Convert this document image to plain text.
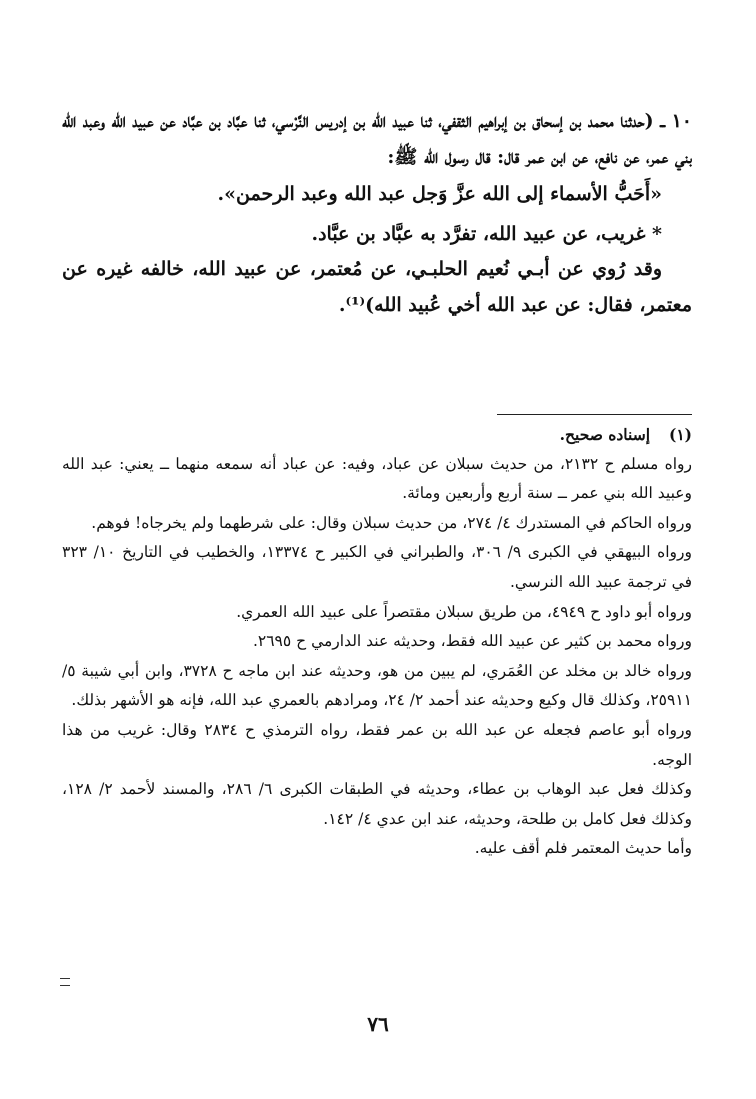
١٠ ــ (حدثنا محمد بن إسحاق بن إبراهيم الثقفي، ثنا عبيد الله بن إدريس النَّرْسي، ثنا عبَّاد بن عبَّاد عن عبيد الله وعبد الله بني عمر، عن نافع، عن ابن عمر قال: قال رسول الله ﷺ:

«أَحَبُّ الأسماء إلى الله عزَّ وَجل عبد الله وعبد الرحمن».

* غريب، عن عبيد الله، تفرَّد به عبَّاد بن عبَّاد.

وقد رُوي عن أبـي نُعيم الحلبـي، عن مُعتمر، عن عبيد الله، خالفه غيره عن معتمر، فقال: عن عبد الله أخي عُبيد الله)⁽¹⁾.

(١)إسناده صحيح.

رواه مسلم ح ٢١٣٢، من حديث سبلان عن عباد، وفيه: عن عباد أنه سمعه منهما ــ يعني: عبد الله وعبيد الله بني عمر ــ سنة أربع وأربعين ومائة.

ورواه الحاكم في المستدرك ٤/ ٢٧٤، من حديث سبلان وقال: على شرطهما ولم يخرجاه! فوهم.

ورواه البيهقي في الكبرى ٩/ ٣٠٦، والطبراني في الكبير ح ١٣٣٧٤، والخطيب في التاريخ ١٠/ ٣٢٣ في ترجمة عبيد الله النرسي.

ورواه أبو داود ح ٤٩٤٩، من طريق سبلان مقتصراً على عبيد الله العمري.

ورواه محمد بن كثير عن عبيد الله فقط، وحديثه عند الدارمي ح ٢٦٩٥.

ورواه خالد بن مخلد عن العُمَري، لم يبين من هو، وحديثه عند ابن ماجه ح ٣٧٢٨، وابن أبي شيبة ٥/ ٢٥٩١١، وكذلك قال وكيع وحديثه عند أحمد ٢/ ٢٤، ومرادهم بالعمري عبد الله، فإنه هو الأشهر بذلك.

ورواه أبو عاصم فجعله عن عبد الله بن عمر فقط، رواه الترمذي ح ٢٨٣٤ وقال: غريب من هذا الوجه.

وكذلك فعل عبد الوهاب بن عطاء، وحديثه في الطبقات الكبرى ٦/ ٢٨٦، والمسند لأحمد ٢/ ١٢٨، وكذلك فعل كامل بن طلحة، وحديثه، عند ابن عدي ٤/ ١٤٢.

وأما حديث المعتمر فلم أقف عليه.

٧٦
